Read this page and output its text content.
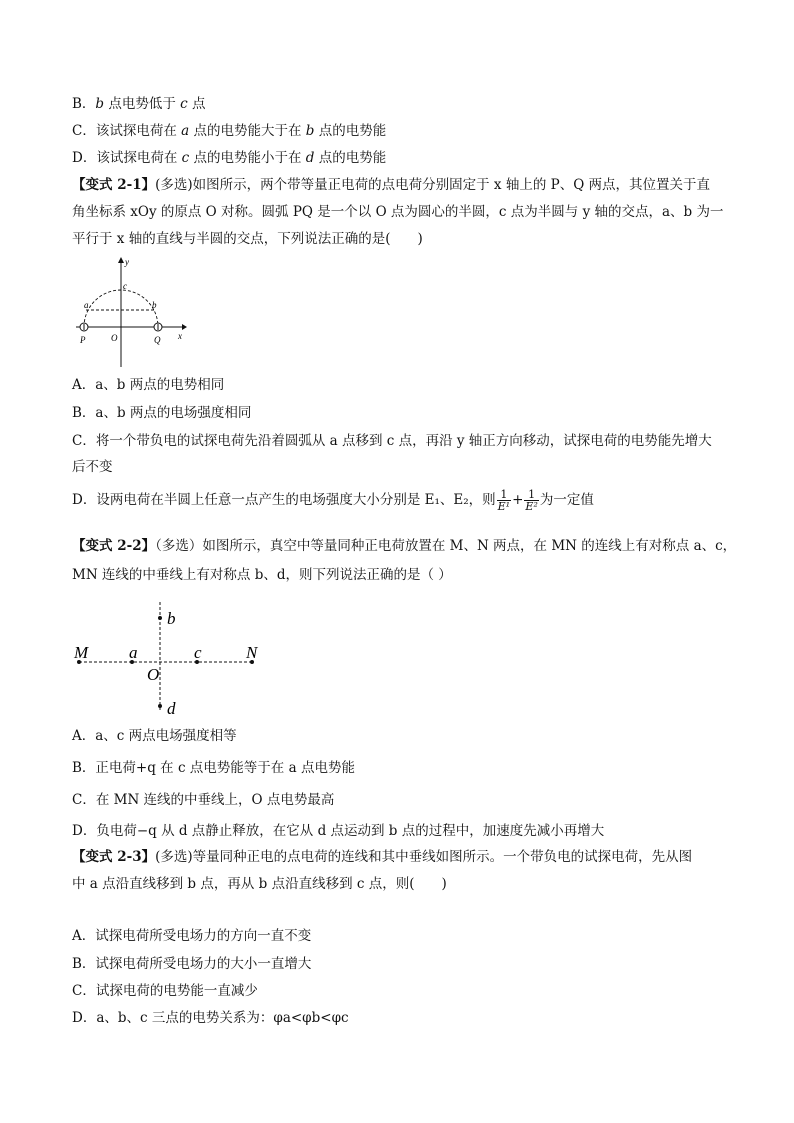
B．b 点电势低于 c 点
C．该试探电荷在 a 点的电势能大于在 b 点的电势能
D．该试探电荷在 c 点的电势能小于在 d 点的电势能
【变式 2-1】(多选)如图所示，两个带等量正电荷的点电荷分别固定于 x 轴上的 P、Q 两点，其位置关于直
角坐标系 xOy 的原点 O 对称。圆弧 PQ 是一个以 O 点为圆心的半圆，c 点为半圆与 y 轴的交点，a、b 为一
平行于 x 轴的直线与半圆的交点，下列说法正确的是(　　)
y
x
c
a	b
P	O	Q
A．a、b 两点的电势相同
B．a、b 两点的电场强度相同
C．将一个带负电的试探电荷先沿着圆弧从 a 点移到 c 点，再沿 y 轴正方向移动，试探电荷的电势能先增大
后不变
D．设两电荷在半圆上任意一点产生的电场强度大小分别是 E₁、E₂，则 $\frac{1}{\text{E¹}} + \frac{1}{\text{E²}}$ 为一定值
【变式 2-2】（多选）如图所示，真空中等量同种正电荷放置在 M、N 两点，在 MN 的连线上有对称点 a、c，
MN 连线的中垂线上有对称点 b、d，则下列说法正确的是（ ）
M a	c	N
O
b
d
A．a、c 两点电场强度相等
B．正电荷+q 在 c 点电势能等于在 a 点电势能
C．在 MN 连线的中垂线上，O 点电势最高
D．负电荷−q 从 d 点静止释放，在它从 d 点运动到 b 点的过程中，加速度先减小再增大
【变式 2-3】(多选)等量同种正电的点电荷的连线和其中垂线如图所示。一个带负电的试探电荷，先从图
中 a 点沿直线移到 b 点，再从 b 点沿直线移到 c 点，则(　　)
A．试探电荷所受电场力的方向一直不变
B．试探电荷所受电场力的大小一直增大
C．试探电荷的电势能一直减少
D．a、b、c 三点的电势关系为：φa<φb<φc
